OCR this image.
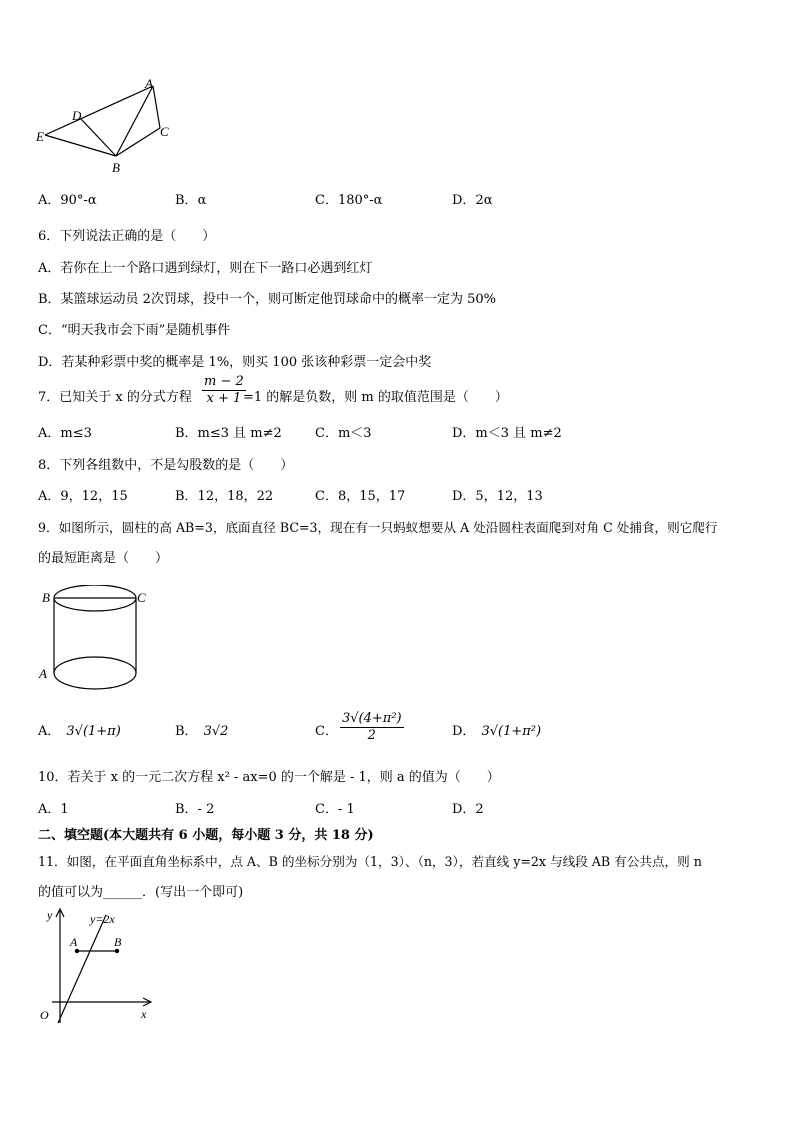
A
D
C
E
B
A．90°-α	B．α	C．180°-α	D．2α
6．下列说法正确的是（　　）
A．若你在上一个路口遇到绿灯，则在下一路口必遇到红灯
B．某篮球运动员 2次罚球，投中一个，则可断定他罚球命中的概率一定为 50%
C．“明天我市会下雨”是随机事件
D．若某种彩票中奖的概率是 1%，则买 100 张该种彩票一定会中奖
7．已知关于 x 的分式方程 $\frac{m - 2}{x + 1}$
=1 的解是负数，则 m 的取值范围是（　　）
A．m≤3	B．m≤3 且 m≠2	C．m＜3	D．m＜3 且 m≠2
8．下列各组数中，不是勾股数的是（　　）
A．9，12，15	B．12，18，22	C．8，15，17	D．5，12，13
9．如图所示，圆柱的高 AB=3，底面直径 BC=3，现在有一只蚂蚁想要从 A 处沿圆柱表面爬到对角 C 处捕食，则它爬行
的最短距离是（　　）
B	C
A
A． 3√(1+π)	B． 3√2	C． $\frac{\text{3√(4+π²)}}{2}$	D． 3√(1+π²)
10．若关于 x 的一元二次方程 x² - ax=0 的一个解是 - 1，则 a 的值为（　　）
A．1	B．- 2	C．- 1	D．2
二、填空题(本大题共有 6 小题，每小题 3 分，共 18 分)
11．如图，在平面直角坐标系中，点 A、B 的坐标分别为（1，3）、（n，3），若直线 y=2x 与线段 AB 有公共点，则 n
的值可以为______．(写出一个即可)
y	y=2x
A	B
O	x
